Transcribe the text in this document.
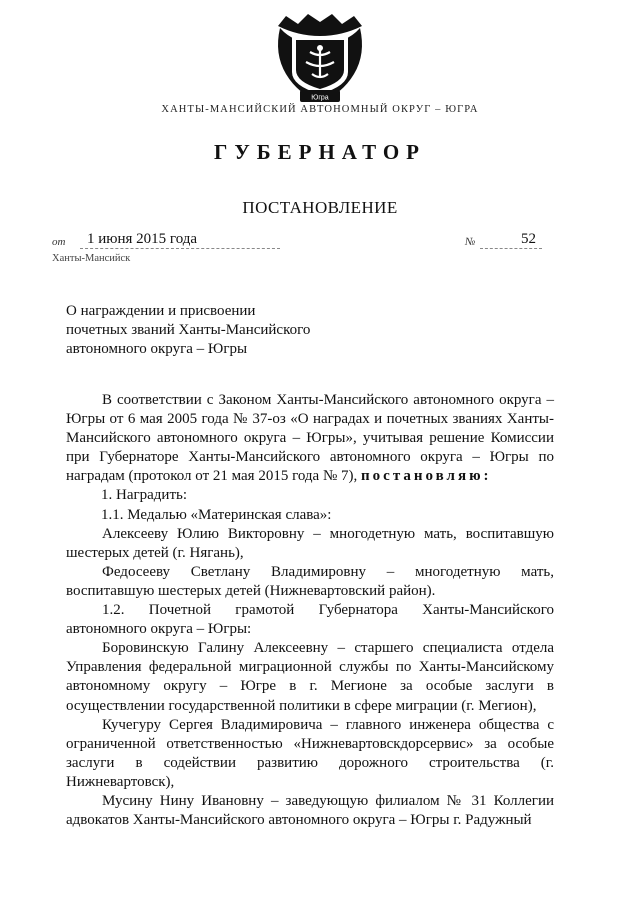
Югра
ХАНТЫ-МАНСИЙСКИЙ АВТОНОМНЫЙ ОКРУГ – ЮГРА
ГУБЕРНАТОР
ПОСТАНОВЛЕНИЕ
от 1 июня 2015 года	№	52
Ханты-Мансийск
О награждении и присвоении
почетных званий Ханты-Мансийского
автономного округа – Югры

В соответствии с Законом Ханты-Мансийского автономного округа – Югры от 6 мая 2005 года № 37-оз «О наградах и почетных званиях Ханты-Мансийского автономного округа – Югры», учитывая решение Комиссии при Губернаторе Ханты-Мансийского автономного округа – Югры по наградам (протокол от 21 мая 2015 года № 7), постановляю:

1. Наградить:

1.1. Медалью «Материнская слава»:

Алексееву Юлию Викторовну – многодетную мать, воспитавшую шестерых детей (г. Нягань),

Федосееву Светлану Владимировну – многодетную мать, воспитавшую шестерых детей (Нижневартовский район).

1.2. Почетной грамотой Губернатора Ханты-Мансийского автономного округа – Югры:

Боровинскую Галину Алексеевну – старшего специалиста отдела Управления федеральной миграционной службы по Ханты-Мансийскому автономному округу – Югре в г. Мегионе за особые заслуги в осуществлении государственной политики в сфере миграции (г. Мегион),

Кучегуру Сергея Владимировича – главного инженера общества с ограниченной ответственностью «Нижневартовскдорсервис» за особые заслуги в содействии развитию дорожного строительства (г. Нижневартовск),

Мусину Нину Ивановну – заведующую филиалом № 31 Коллегии адвокатов Ханты-Мансийского автономного округа – Югры г. Радужный
